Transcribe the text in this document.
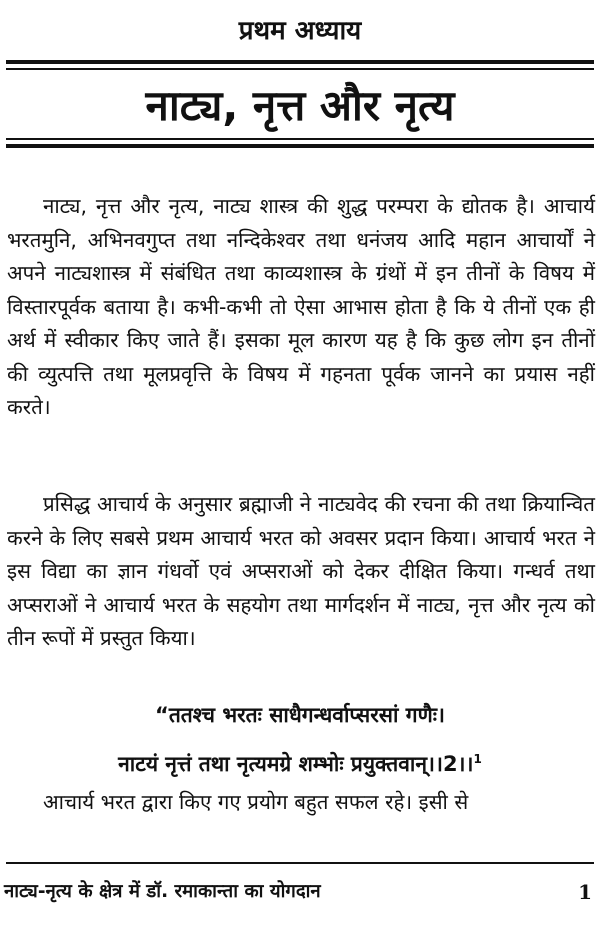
प्रथम अध्याय
नाट्य, नृत्त और नृत्य

नाट्य, नृत्त और नृत्य, नाट्य शास्त्र की शुद्ध परम्परा के द्योतक है। आचार्य भरतमुनि, अभिनवगुप्त तथा नन्दिकेश्वर तथा धनंजय आदि महान आचार्यों ने अपने नाट्यशास्त्र में संबंधित तथा काव्यशास्त्र के ग्रंथों में इन तीनों के विषय में विस्तारपूर्वक बताया है। कभी-कभी तो ऐसा आभास होता है कि ये तीनों एक ही अर्थ में स्वीकार किए जाते हैं। इसका मूल कारण यह है कि कुछ लोग इन तीनों की व्युत्पत्ति तथा मूलप्रवृत्ति के विषय में गहनता पूर्वक जानने का प्रयास नहीं करते।

प्रसिद्ध आचार्य के अनुसार ब्रह्माजी ने नाट्यवेद की रचना की तथा क्रियान्वित करने के लिए सबसे प्रथम आचार्य भरत को अवसर प्रदान किया। आचार्य भरत ने इस विद्या का ज्ञान गंधर्वो एवं अप्सराओं को देकर दीक्षित किया। गन्धर्व तथा अप्सराओं ने आचार्य भरत के सहयोग तथा मार्गदर्शन में नाट्य, नृत्त और नृत्य को तीन रूपों में प्रस्तुत किया।

“ततश्च भरतः साधैगन्धर्वाप्सरसां गणैः।

नाटयं नृत्तं तथा नृत्यमग्रे शम्भोः प्रयुक्तवान्।।2।।$^1$

आचार्य भरत द्वारा किए गए प्रयोग बहुत सफल रहे। इसी से

नाट्य-नृत्य के क्षेत्र में डॉ. रमाकान्ता का योगदान	1
